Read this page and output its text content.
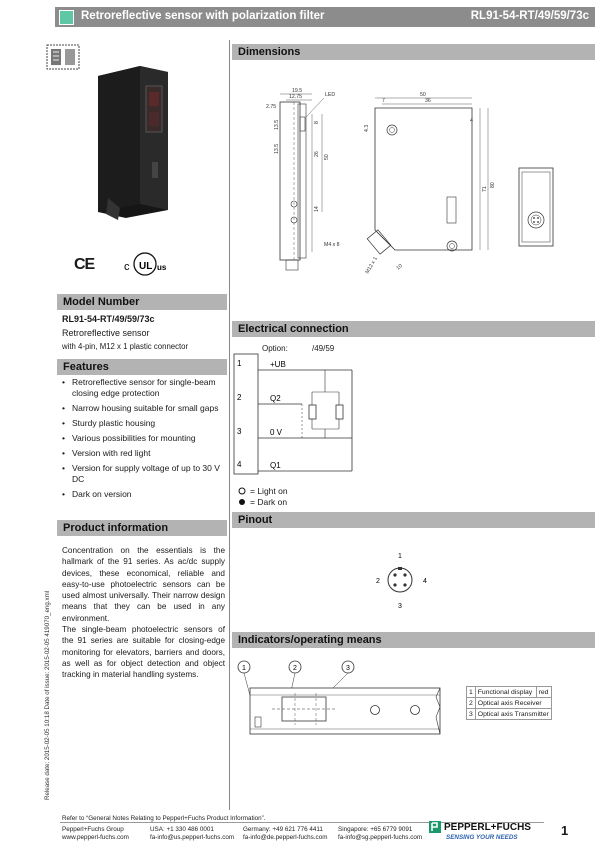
Retroreflective sensor with polarization filter	RL91-54-RT/49/59/73c
CE	c UL us
Model Number
RL91-54-RT/49/59/73c
Retroreflective sensor
with 4-pin, M12 x 1 plastic connector
Features
• Retroreflective sensor for single-beam closing edge protection
• Narrow housing suitable for small gaps
• Sturdy plastic housing
• Various possibilities for mounting
• Version with red light
• Version for supply voltage of up to 30 V DC
• Dark on version
Product information

Concentration on the essentials is the hallmark of the 91 series. As ac/dc supply devices, these economical, reliable and easy-to-use photoelectric sensors can be used almost universally. Their narrow design means that they can be used in any environment.

The single-beam photoelectric sensors of the 91 series are suitable for closing-edge monitoring for elevators, barriers and doors, as well as for object detection and object tracking in material handling systems.

Dimensions
19.5
12.75
2.75
LED
13.5
13.5
8
26
50
14
M4 x 8
50
7	36
4.3
4
71
80
M12 x 1	10
Electrical connection
Option:	/49/59
1
2
3
4
+UB
Q2
0 V
Q1
= Light on
= Dark on
Pinout
1
2	4
3
Indicators/operating means
1	2	3
1	Functional display	red
2	Optical axis Receiver	
3	Optical axis Transmitter	
Release date: 2015-02-05 10:18 Date of issue: 2015-02-05 419070_eng.xml
Refer to “General Notes Relating to Pepperl+Fuchs Product Information”.
Pepperl+Fuchs Group
www.pepperl-fuchs.com
USA: +1 330 486 0001
fa-info@us.pepperl-fuchs.com
Germany: +49 621 776 4411
fa-info@de.pepperl-fuchs.com
Singapore: +65 6779 9091
fa-info@sg.pepperl-fuchs.com
PEPPERL+FUCHS
SENSING YOUR NEEDS	1
